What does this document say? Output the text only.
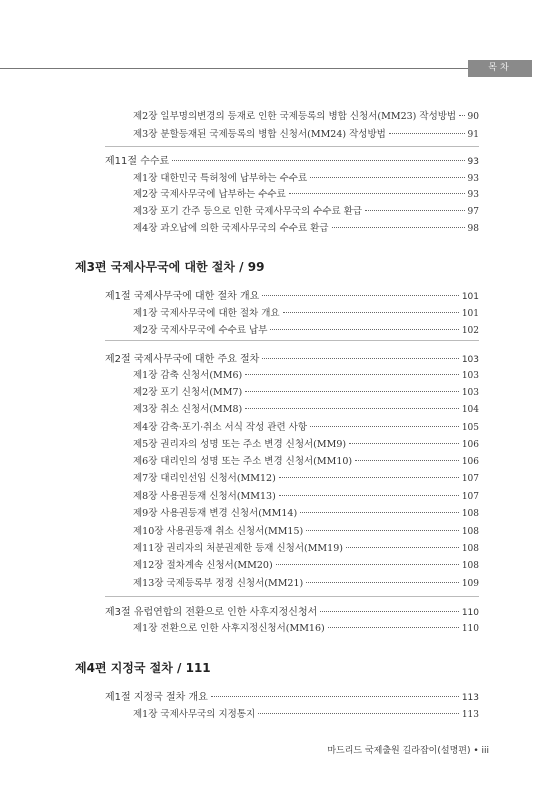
목차
제2장 일부명의변경의 등재로 인한 국제등록의 병합 신청서(MM23) 작성방법 90
제3장 분할등재된 국제등록의 병합 신청서(MM24) 작성방법	91
제11절 수수료	93
제1장 대한민국 특허청에 납부하는 수수료	93
제2장 국제사무국에 납부하는 수수료	93
제3장 포기 간주 등으로 인한 국제사무국의 수수료 환급	97
제4장 과오납에 의한 국제사무국의 수수료 환급	98
제3편 국제사무국에 대한 절차 / 99
제1절 국제사무국에 대한 절차 개요	101
제1장 국제사무국에 대한 절차 개요	101
제2장 국제사무국에 수수료 납부	102
제2절 국제사무국에 대한 주요 절차	103
제1장 감축 신청서(MM6)	103
제2장 포기 신청서(MM7)	103
제3장 취소 신청서(MM8)	104
제4장 감축·포기·취소 서식 작성 관련 사항	105
제5장 권리자의 성명 또는 주소 변경 신청서(MM9)	106
제6장 대리인의 성명 또는 주소 변경 신청서(MM10)	106
제7장 대리인선임 신청서(MM12)	107
제8장 사용권등재 신청서(MM13)	107
제9장 사용권등재 변경 신청서(MM14)	108
제10장 사용권등재 취소 신청서(MM15)	108
제11장 권리자의 처분권제한 등재 신청서(MM19)	108
제12장 절차계속 신청서(MM20)	108
제13장 국제등록부 정정 신청서(MM21)	109
제3절 유럽연합의 전환으로 인한 사후지정신청서	110
제1장 전환으로 인한 사후지정신청서(MM16)	110
제4편 지정국 절차 / 111
제1절 지정국 절차 개요	113
제1장 국제사무국의 지정통지	113
마드리드 국제출원 길라잡이(설명편) • iii
